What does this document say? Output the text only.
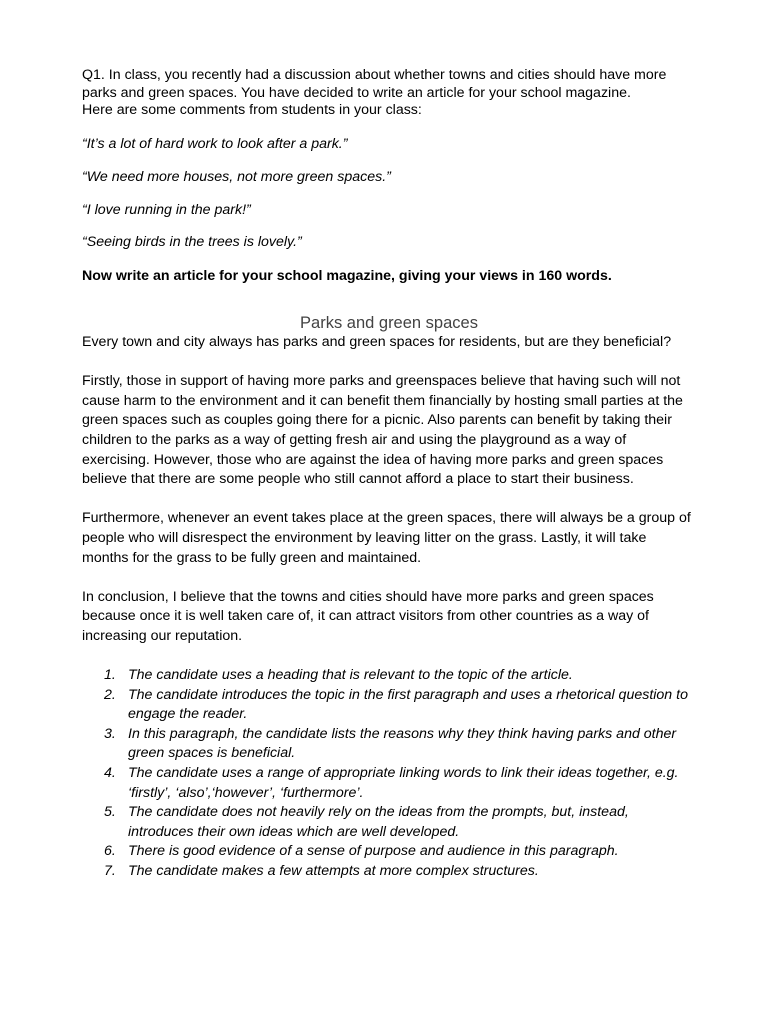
Q1. In class, you recently had a discussion about whether towns and cities should have more parks and green spaces. You have decided to write an article for your school magazine.

Here are some comments from students in your class:

“It’s a lot of hard work to look after a park.”

“We need more houses, not more green spaces.”

“I love running in the park!”

“Seeing birds in the trees is lovely.”

Now write an article for your school magazine, giving your views in 160 words.

Parks and green spaces

Every town and city always has parks and green spaces for residents, but are they beneficial?

Firstly, those in support of having more parks and greenspaces believe that having such will not cause harm to the environment and it can benefit them financially by hosting small parties at the green spaces such as couples going there for a picnic. Also parents can benefit by taking their children to the parks as a way of getting fresh air and using the playground as a way of exercising. However, those who are against the idea of having more parks and green spaces believe that there are some people who still cannot afford a place to start their business.

Furthermore, whenever an event takes place at the green spaces, there will always be a group of people who will disrespect the environment by leaving litter on the grass. Lastly, it will take months for the grass to be fully green and maintained.

In conclusion, I believe that the towns and cities should have more parks and green spaces because once it is well taken care of, it can attract visitors from other countries as a way of increasing our reputation.

1. The candidate uses a heading that is relevant to the topic of the article.
2. The candidate introduces the topic in the first paragraph and uses a rhetorical question to engage the reader.
3. In this paragraph, the candidate lists the reasons why they think having parks and other green spaces is beneficial.
4. The candidate uses a range of appropriate linking words to link their ideas together, e.g. ‘firstly’, ‘also’,‘however’, ‘furthermore’.
5. The candidate does not heavily rely on the ideas from the prompts, but, instead, introduces their own ideas which are well developed.
6. There is good evidence of a sense of purpose and audience in this paragraph.
7. The candidate makes a few attempts at more complex structures.
